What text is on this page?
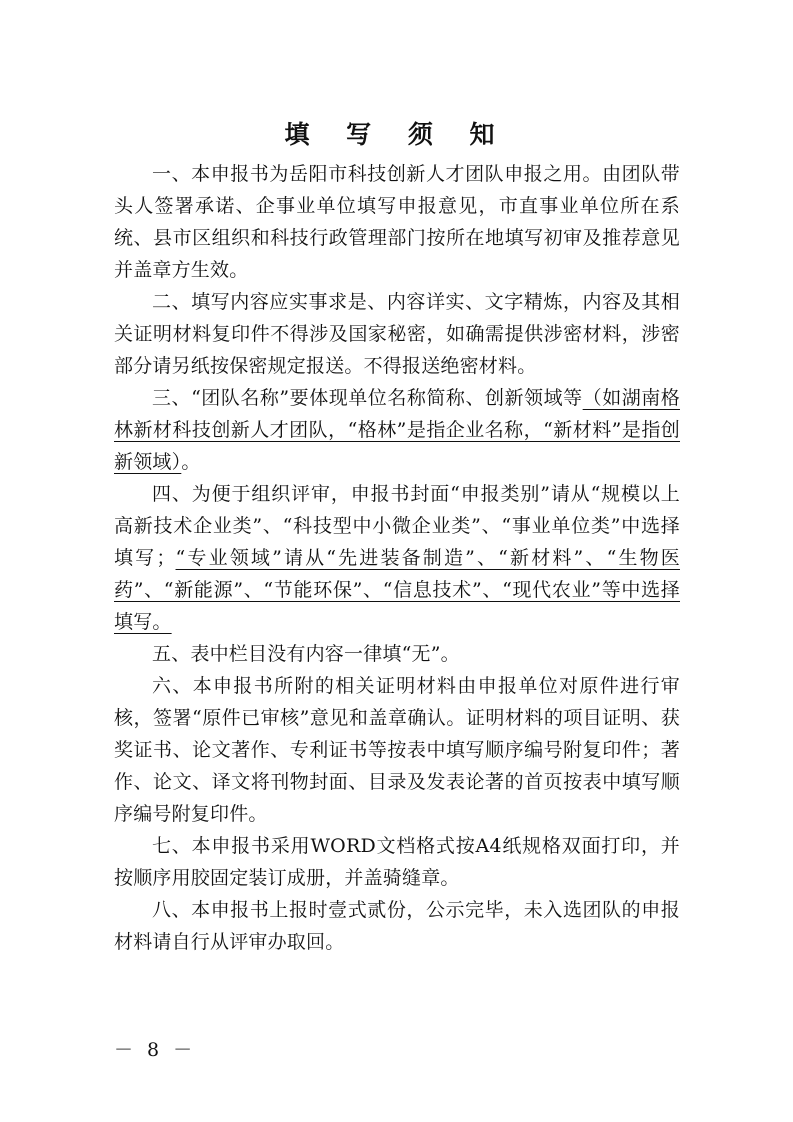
填 写 须 知

一、本申报书为岳阳市科技创新人才团队申报之用。由团队带头人签署承诺、企事业单位填写申报意见，市直事业单位所在系统、县市区组织和科技行政管理部门按所在地填写初审及推荐意见并盖章方生效。

二、填写内容应实事求是、内容详实、文字精炼，内容及其相关证明材料复印件不得涉及国家秘密，如确需提供涉密材料，涉密部分请另纸按保密规定报送。不得报送绝密材料。

三、“团队名称”要体现单位名称简称、创新领域等（如湖南格林新材科技创新人才团队，“格林”是指企业名称，“新材料”是指创新领域）。

四、为便于组织评审，申报书封面“申报类别”请从“规模以上高新技术企业类”、“科技型中小微企业类”、“事业单位类”中选择填写；“专业领域”请从“先进装备制造”、“新材料”、“生物医药”、“新能源”、“节能环保”、“信息技术”、“现代农业”等中选择填写。

五、表中栏目没有内容一律填“无”。

六、本申报书所附的相关证明材料由申报单位对原件进行审核，签署“原件已审核”意见和盖章确认。证明材料的项目证明、获奖证书、论文著作、专利证书等按表中填写顺序编号附复印件；著作、论文、译文将刊物封面、目录及发表论著的首页按表中填写顺序编号附复印件。

七、本申报书采用WORD文档格式按A4纸规格双面打印，并按顺序用胶固定装订成册，并盖骑缝章。

八、本申报书上报时壹式贰份，公示完毕，未入选团队的申报材料请自行从评审办取回。

－ 8 －
